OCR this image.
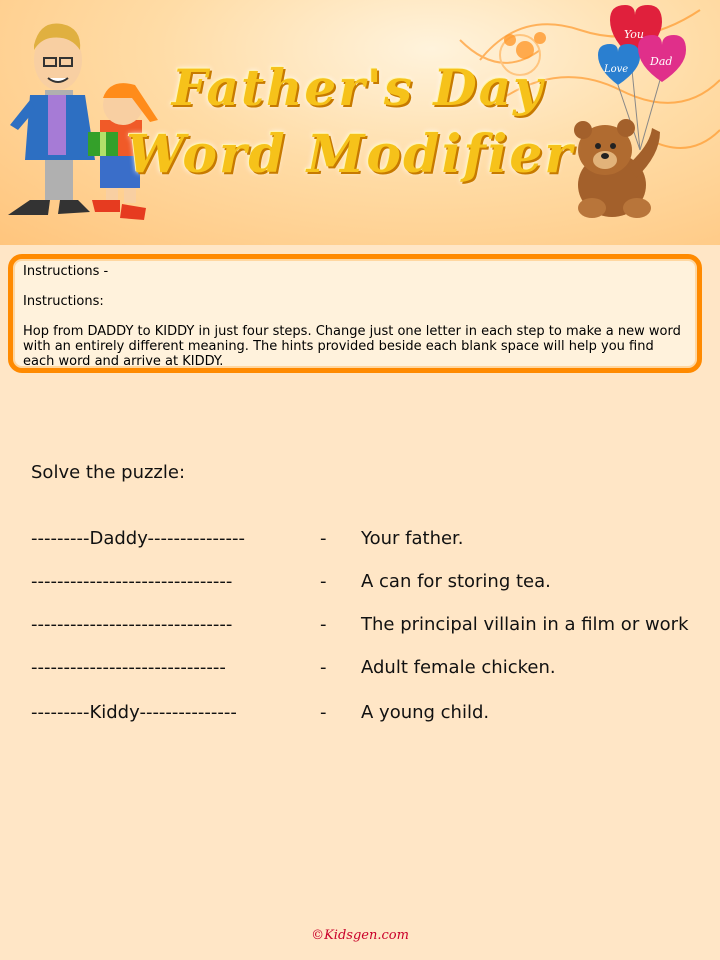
You
Love
Dad
Father's Day
Word Modifier

Instructions -

Instructions:

Hop from DADDY to KIDDY in just four steps. Change just one letter in each step to make a new word with an entirely different meaning. The hints provided beside each blank space will help you find each word and arrive at KIDDY.

Solve the puzzle:
---------Daddy---------------	- Your father.
-------------------------------	- A can for storing tea.
-------------------------------	- The principal villain in a film or work
------------------------------	- Adult female chicken.
---------Kiddy---------------	- A young child.
©Kidsgen.com
